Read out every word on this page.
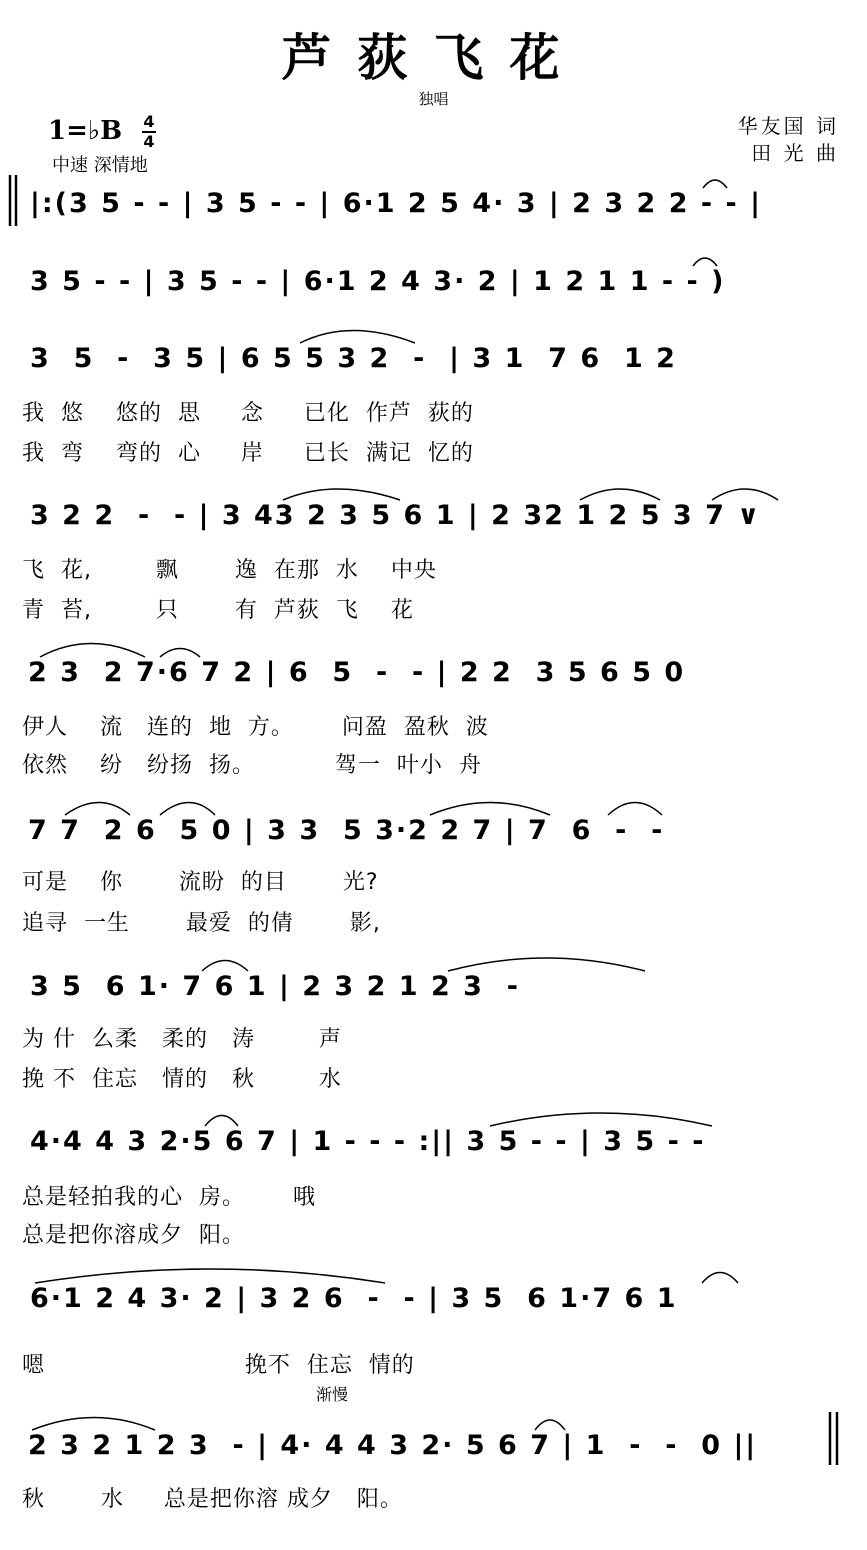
芦荻飞花
独唱
1=♭B 4
4
中速 深情地
华友国 词
田 光 曲
|:(3 5 - - | 3 5 - - | 6·1 2 5 4· 3 | 2 3 2 2 - - |
3 5 - - | 3 5 - - | 6·1 2 4 3· 2 | 1 2 1 1 - - )
3  5  -  3 5 | 6 5 5 3 2  -  | 3 1  7 6  1 2
我  悠    悠的  思     念     已化  作芦  荻的
我  弯    弯的  心     岸     已长  满记  忆的
3 2 2  -  - | 3 43 2 3 5 6 1 | 2 32 1 2 5 3 7 ∨
飞  花,        飘       逸  在那  水    中央
青  苔,        只       有  芦荻  飞    花
2 3  2 7·6 7 2 | 6  5  -  - | 2 2  3 5 6 5 0
伊人    流   连的  地  方。      问盈  盈秋  波
依然    纷   纷扬  扬。          驾一  叶小  舟
7 7  2 6  5 0 | 3 3  5 3·2 2 7 | 7  6  -  -
可是    你       流盼  的目       光?
追寻  一生       最爱  的倩       影,
3 5  6 1· 7 6 1 | 2 3 2 1 2 3  -
为 什  么柔   柔的   涛        声
挽 不  住忘   情的   秋        水
4·4 4 3 2·5 6 7 | 1 - - - :|| 3 5 - - | 3 5 - -
总是轻拍我的心  房。      哦
总是把你溶成夕  阳。
6·1 2 4 3· 2 | 3 2 6  -  - | 3 5  6 1·7 6 1
嗯                         挽不  住忘  情的
渐慢
2 3 2 1 2 3  - | 4· 4 4 3 2· 5 6 7 | 1  -  -  0 ||
秋       水     总是把你溶 成夕   阳。
